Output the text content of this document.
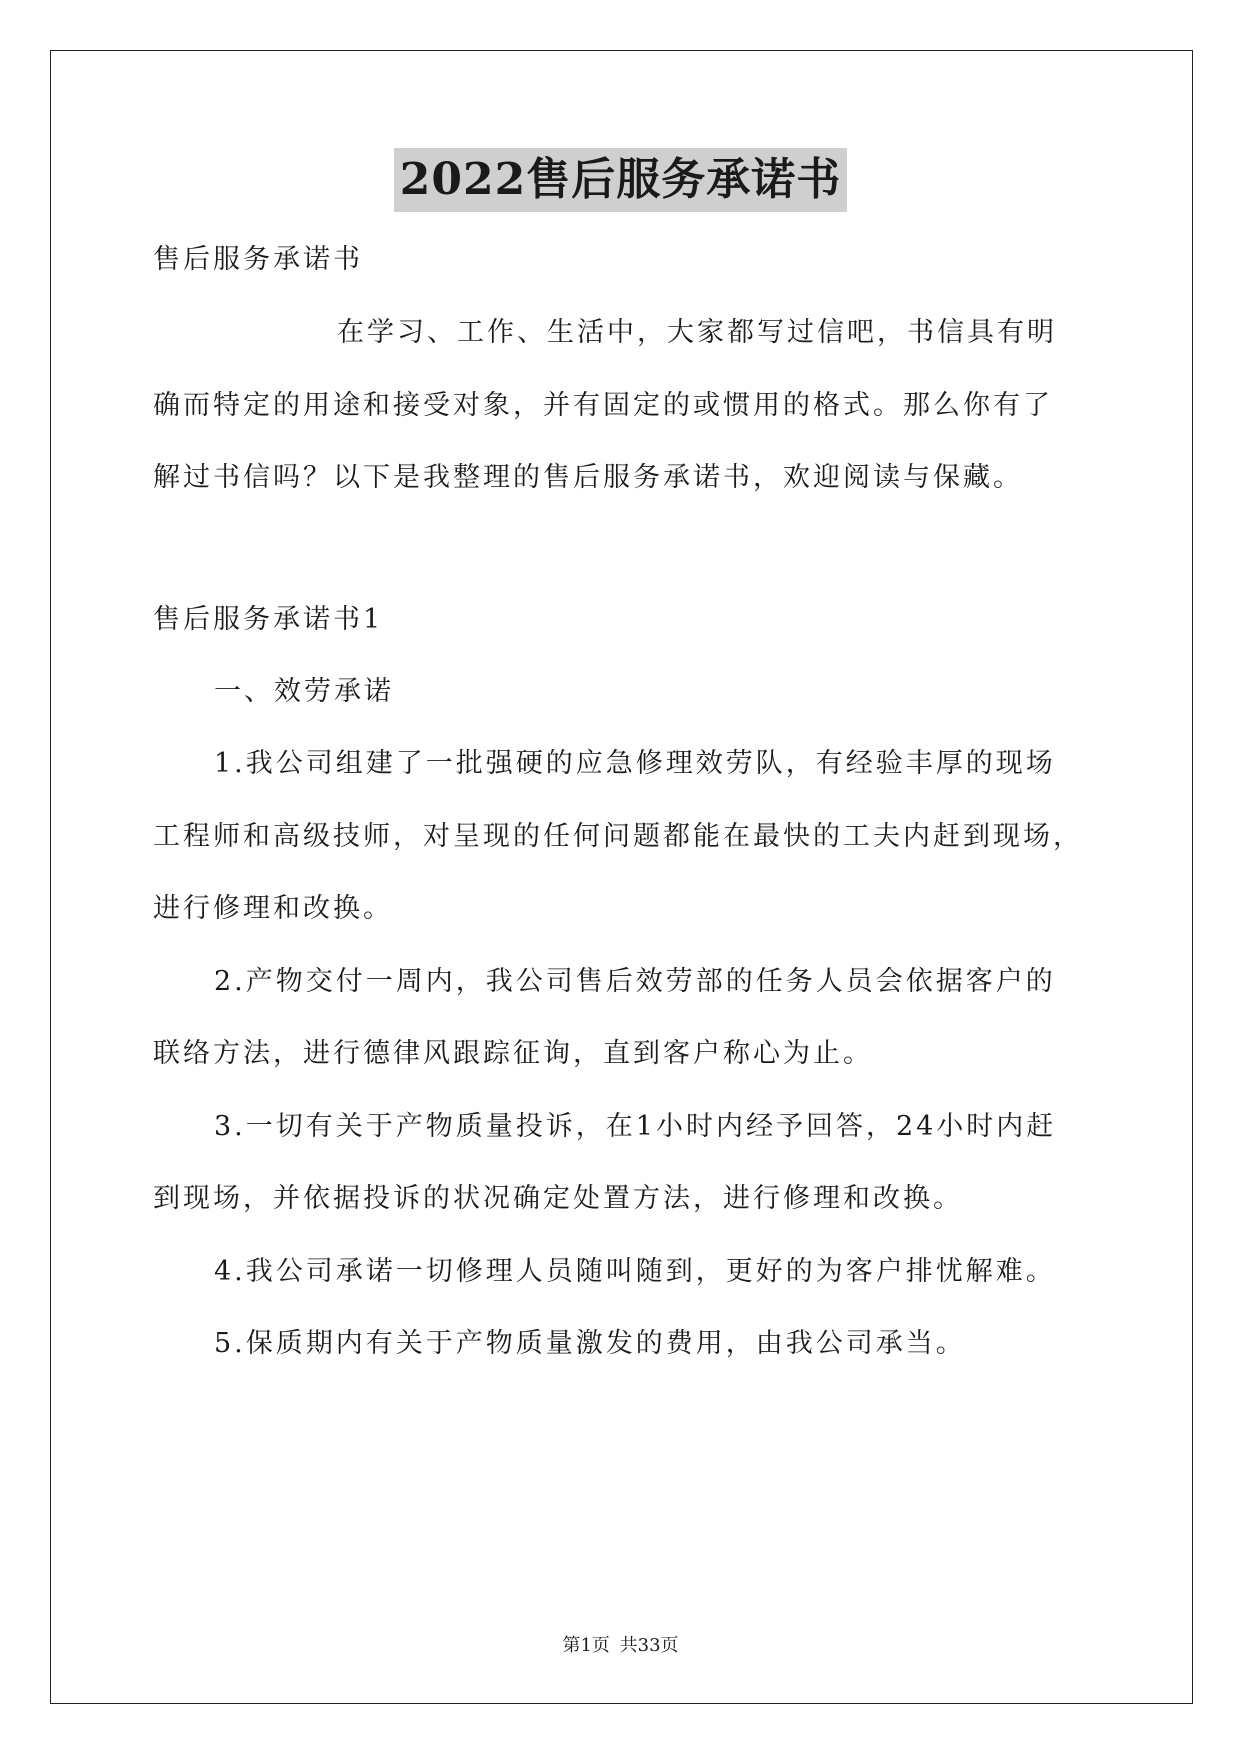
2022售后服务承诺书
售后服务承诺书
在学习、工作、生活中，大家都写过信吧，书信具有明
确而特定的用途和接受对象，并有固定的或惯用的格式。那么你有了
解过书信吗？以下是我整理的售后服务承诺书，欢迎阅读与保藏。
售后服务承诺书1
一、效劳承诺
1.我公司组建了一批强硬的应急修理效劳队，有经验丰厚的现场
工程师和高级技师，对呈现的任何问题都能在最快的工夫内赶到现场，
进行修理和改换。
2.产物交付一周内，我公司售后效劳部的任务人员会依据客户的
联络方法，进行德律风跟踪征询，直到客户称心为止。
3.一切有关于产物质量投诉，在1小时内经予回答，24小时内赶
到现场，并依据投诉的状况确定处置方法，进行修理和改换。
4.我公司承诺一切修理人员随叫随到，更好的为客户排忧解难。
5.保质期内有关于产物质量激发的费用，由我公司承当。
第1页 共33页
